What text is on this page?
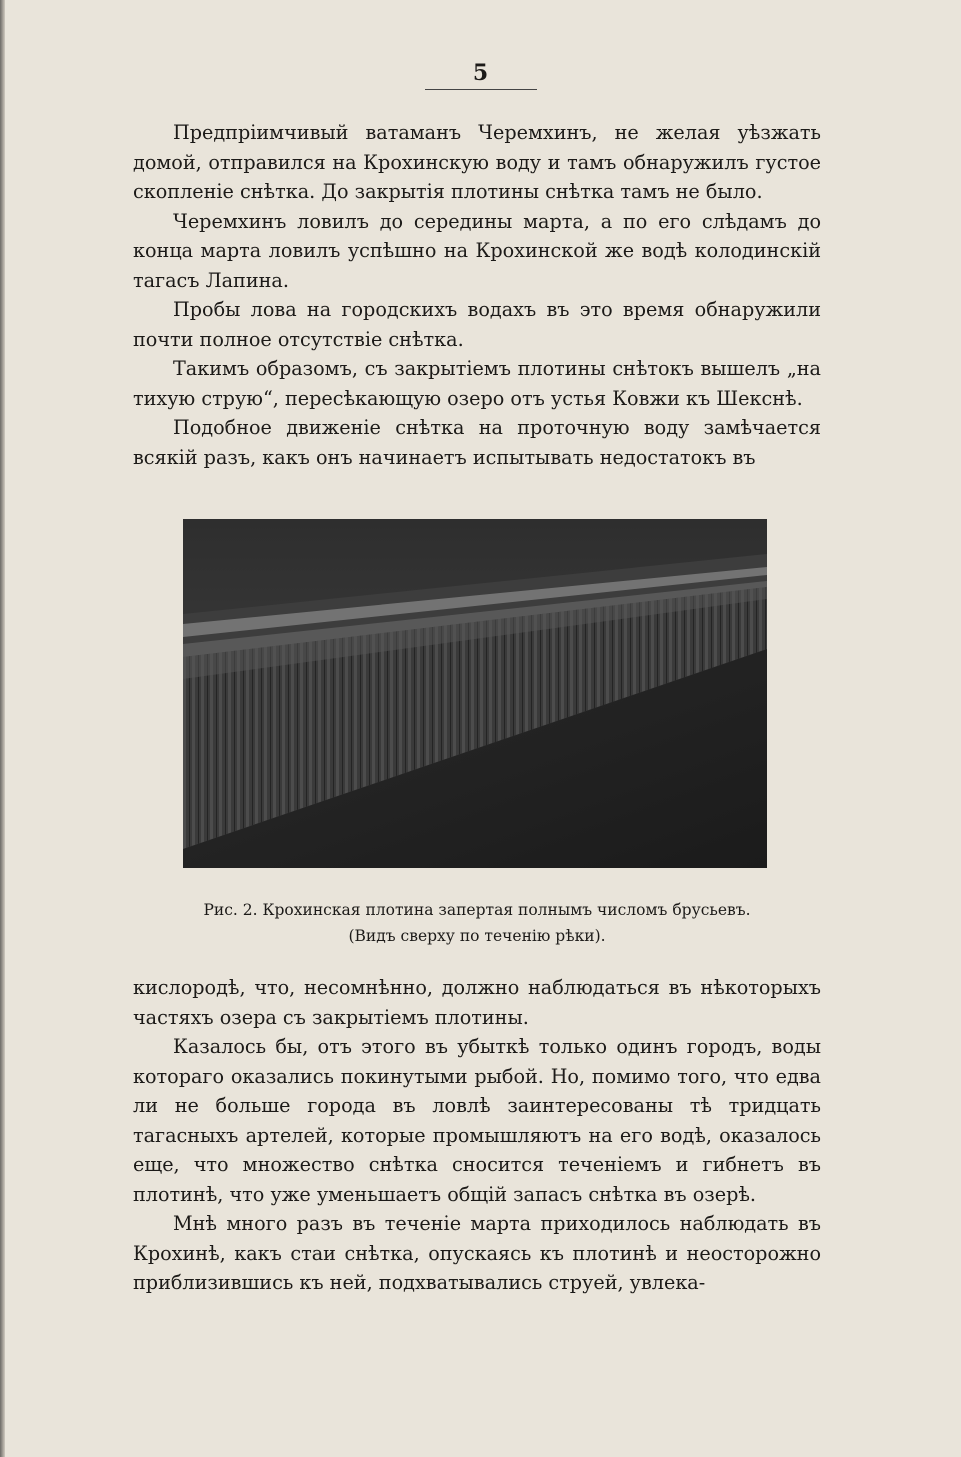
5

Предпріимчивый ватаманъ Черемхинъ, не желая уѣзжать домой, отправился на Крохинскую воду и тамъ обнаружилъ густое скопленіе снѣтка. До закрытія плотины снѣтка тамъ не было.

Черемхинъ ловилъ до середины марта, а по его слѣдамъ до конца марта ловилъ успѣшно на Крохинской же водѣ колодинскій тагасъ Лапина.

Пробы лова на городскихъ водахъ въ это время обнаружили почти полное отсутствіе снѣтка.

Такимъ образомъ, съ закрытіемъ плотины снѣтокъ вышелъ „на тихую струю“, пересѣкающую озеро отъ устья Ковжи къ Шекснѣ.

Подобное движеніе снѣтка на проточную воду замѣчается всякій разъ, какъ онъ начинаетъ испытывать недостатокъ въ

Рис. 2. Крохинская плотина запертая полнымъ числомъ брусьевъ.
(Видъ сверху по теченію рѣки).

кислородѣ, что, несомнѣнно, должно наблюдаться въ нѣкоторыхъ частяхъ озера съ закрытіемъ плотины.

Казалось бы, отъ этого въ убыткѣ только одинъ городъ, воды котораго оказались покинутыми рыбой. Но, помимо того, что едва ли не больше города въ ловлѣ заинтересованы тѣ тридцать тагасныхъ артелей, которые промышляютъ на его водѣ, оказалось еще, что множество снѣтка сносится теченіемъ и гибнетъ въ плотинѣ, что уже уменьшаетъ общій запасъ снѣтка въ озерѣ.

Мнѣ много разъ въ теченіе марта приходилось наблюдать въ Крохинѣ, какъ стаи снѣтка, опускаясь къ плотинѣ и неосторожно приблизившись къ ней, подхватывались струей, увлека-
